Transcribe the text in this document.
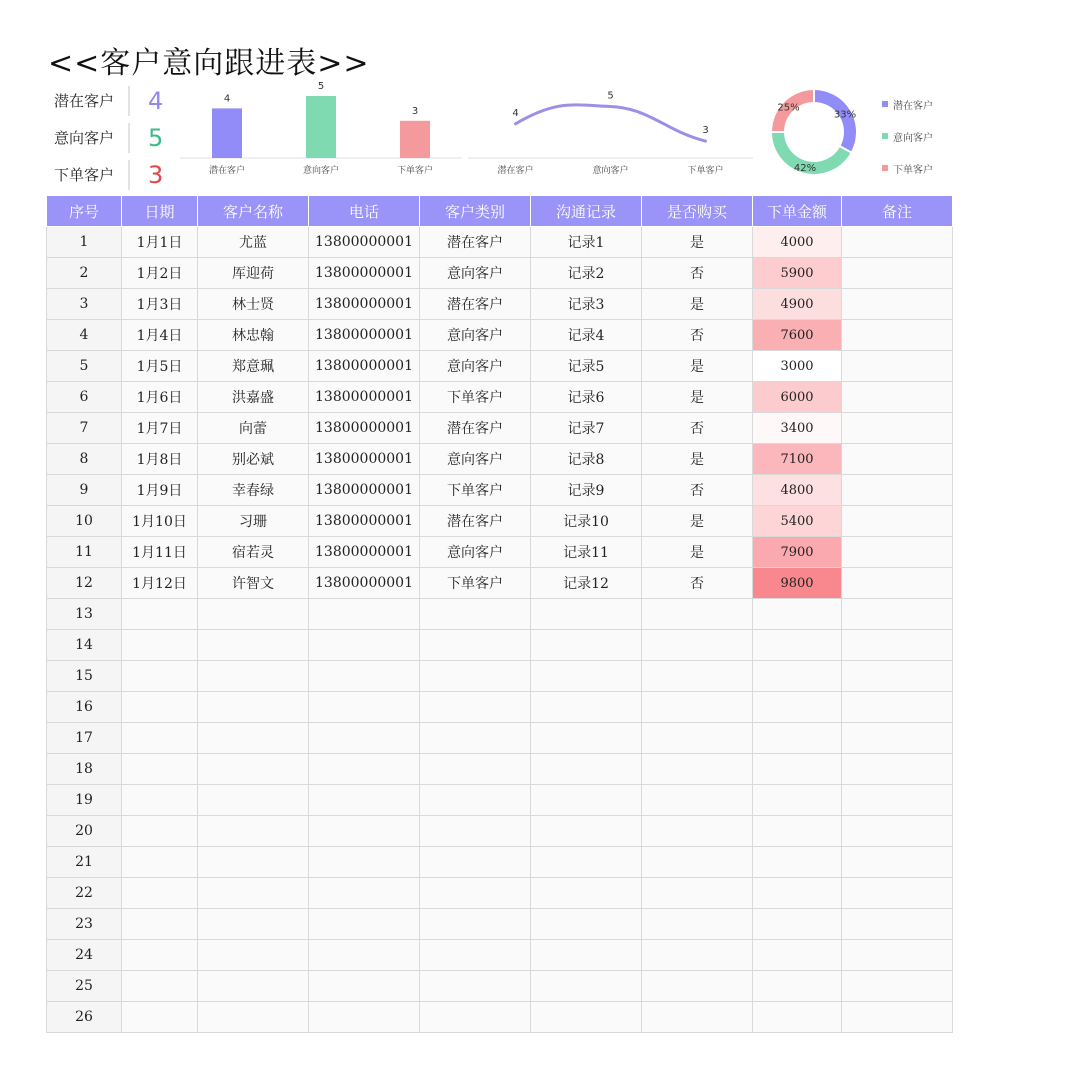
<<客户意向跟进表>>
潜在客户	4
意向客户	5
下单客户	3
4
潜在客户
5
意向客户
3
下单客户
4
潜在客户
5
意向客户
3
下单客户
33%
42%
25%	潜在客户
意向客户
下单客户
序号	日期	客户名称	电话	客户类别	沟通记录	是否购买	下单金额	备注
1	1月1日	尤蓝	13800000001	潜在客户	记录1	是	4000	
2	1月2日	厍迎荷	13800000001	意向客户	记录2	否	5900	
3	1月3日	林士贤	13800000001	潜在客户	记录3	是	4900	
4	1月4日	林忠翰	13800000001	意向客户	记录4	否	7600	
5	1月5日	郑意珮	13800000001	意向客户	记录5	是	3000	
6	1月6日	洪嘉盛	13800000001	下单客户	记录6	是	6000	
7	1月7日	向蕾	13800000001	潜在客户	记录7	否	3400	
8	1月8日	别必斌	13800000001	意向客户	记录8	是	7100	
9	1月9日	幸春绿	13800000001	下单客户	记录9	否	4800	
10	1月10日	习珊	13800000001	潜在客户	记录10	是	5400	
11	1月11日	宿若灵	13800000001	意向客户	记录11	是	7900	
12	1月12日	许智文	13800000001	下单客户	记录12	否	9800	
13								
14								
15								
16								
17								
18								
19								
20								
21								
22								
23								
24								
25								
26								
